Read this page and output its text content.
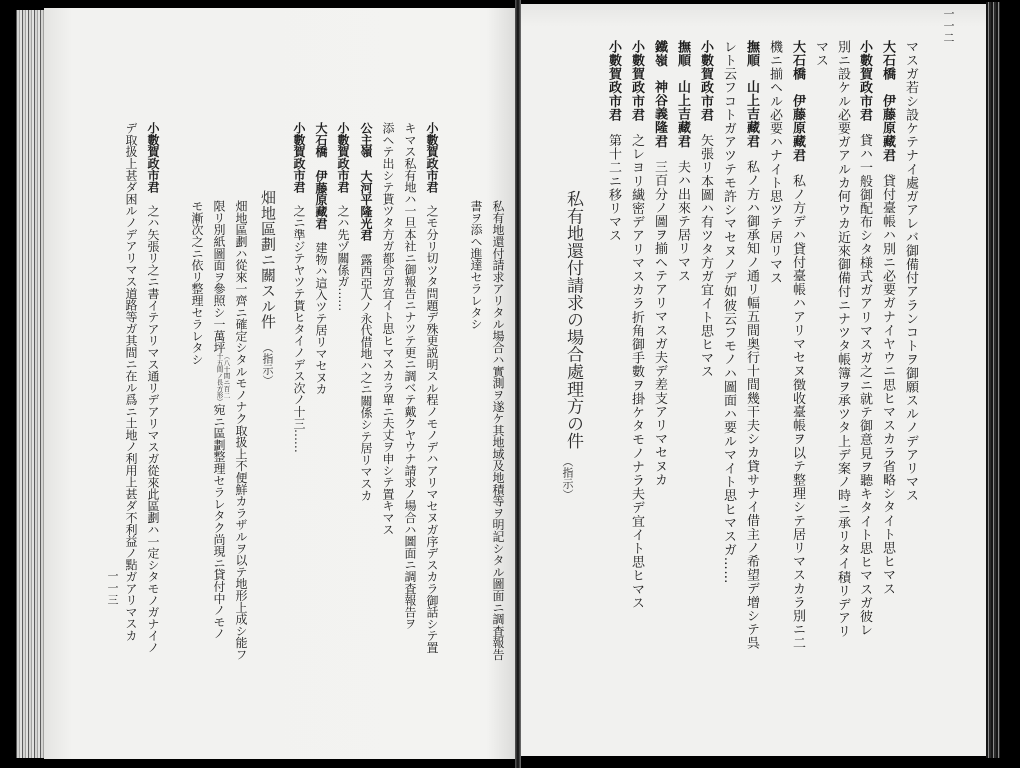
一一二
マスガ若シ設ケテナイ處ガアレバ御備付アランコトヲ御願スルノデアリマス
大石橋伊藤原藏君貸付臺帳ハ別ニ必要ガナイヤウニ思ヒマスカラ省略シタイト思ヒマス
小數賀政市君貸ハ一般御配布シタ様式ガアリマスガ之ニ就テ御意見ヲ聽キタイト思ヒマスガ彼レ
別ニ設ケル必要ガアルカ何ウカ近來御備付ニナツタ帳簿ヲ承ツタ上デ案ノ時ニ承リタイ積リデアリ
マス
大石橋伊藤原藏君私ノ方デハ貸付臺帳ハアリマセヌ徴收臺帳ヲ以テ整理シテ居リマスカラ別ニ二
機ニ揃ヘル必要ハナイト思ツテ居リマス
撫順山上吉藏君私ノ方ハ御承知ノ通リ幅五間奥行十間幾干夫シカ貸サナイ借主ノ希望デ增シテ呉
レト云フコトガアツテモ許シマセヌノデ如彼云フモノハ圖面ハ要ルマイト思ヒマスガ……
小數賀政市君矢張リ本圖ハ有ツタ方ガ宜イト思ヒマス
撫順山上吉藏君夫ハ出來テ居リマス
鐵嶺神谷義隆君三百分ノ圖ヲ揃ヘテアリマスガ夫デ差支アリマセヌカ
小數賀政市君之レヨリ繊密デアリマスカラ折角御手數ヲ掛ケタモノナラ夫デ宜イト思ヒマス
小數賀政市君第十二ニ移リマス
私有地還付請求の場合處理方の件
（指示）
私有地還付請求アリタル場合ハ實測ヲ遂ケ其地域及地積等ヲ明記シタル圖面ニ調査報告
書ヲ添ヘ進達セラレタシ
小數賀政市君之モ分リ切ツタ問題デ殊更説明スル程ノモノデハアリマセヌガ序デスカラ御話シテ置
キマス私有地ハ一旦本社ニ御報告ニナツテ更ニ調ベテ戴クヤウナ請求ノ場合ハ圖面ニ調査報告ヲ
添ヘテ出シテ貰ツタ方ガ都合ガ宜イト思ヒマスカラ單ニ夫丈ヲ申シテ置キマス
公主嶺大河平隆光君露西亞人ノ永代借地ハ之ニ關係シテ居リマスカ
小數賀政市君之ハ先ヅ關係ガ……
大石橋伊藤原藏君建物ハ這入ツテ居リマセヌカ
小數賀政市君之ニ準ジテヤツテ貰ヒタイノデス次ノ十三……
畑地區劃ニ關スル件
（指示）
畑地區劃ハ從來一齊ニ確定シタルモノナク取扱上不便鮮カラザルヲ以テ地形上成シ能フ
限リ別紙圖面ヲ參照シ一萬坪（八十間ニ百二十五間ノ長方形）宛ニ區劃整理セラレタク尚現ニ貸付中ノモノ
モ漸次之ニ依リ整理セラレタシ
小數賀政市君之ハ矢張リ之ニ書イテアリマス通リデアリマスガ從來此區劃ハ一定シタモノガナイノ
デ取扱上甚ダ困ルノデアリマス道路等ガ其間ニ在ル爲ニ土地ノ利用上甚ダ不利益ノ點ガアリマスカ
一一三
